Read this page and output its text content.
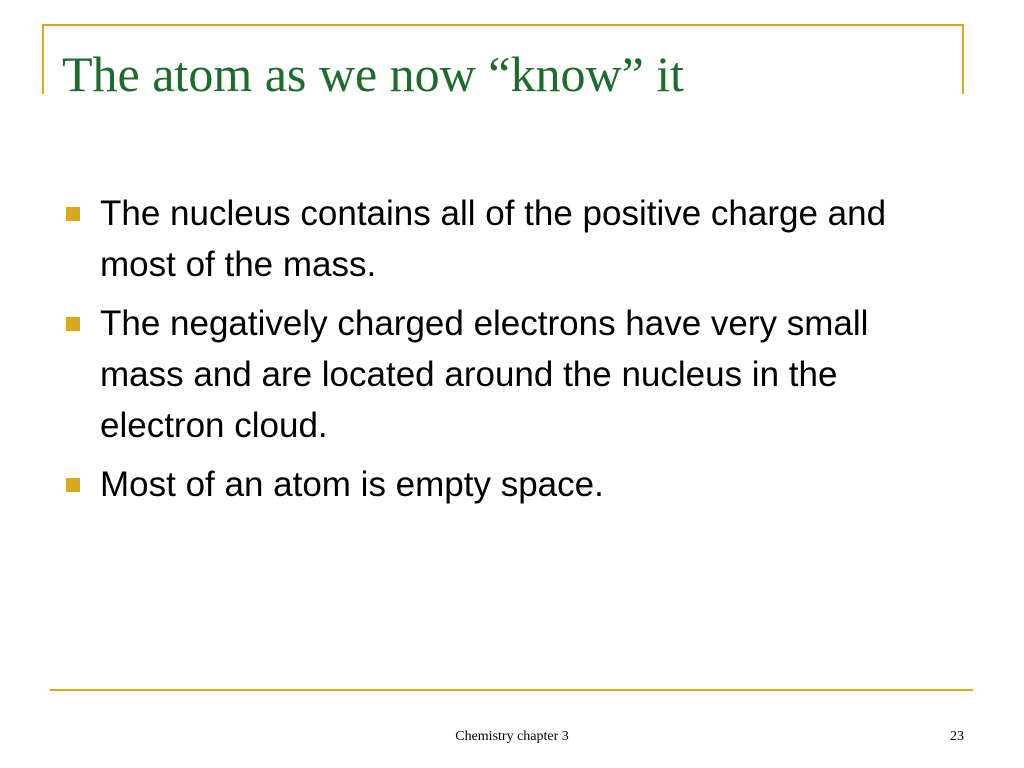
The atom as we now “know” it
The nucleus contains all of the positive charge and most of the mass.
The negatively charged electrons have very small mass and are located around the nucleus in the electron cloud.
Most of an atom is empty space.
Chemistry chapter 3	23
